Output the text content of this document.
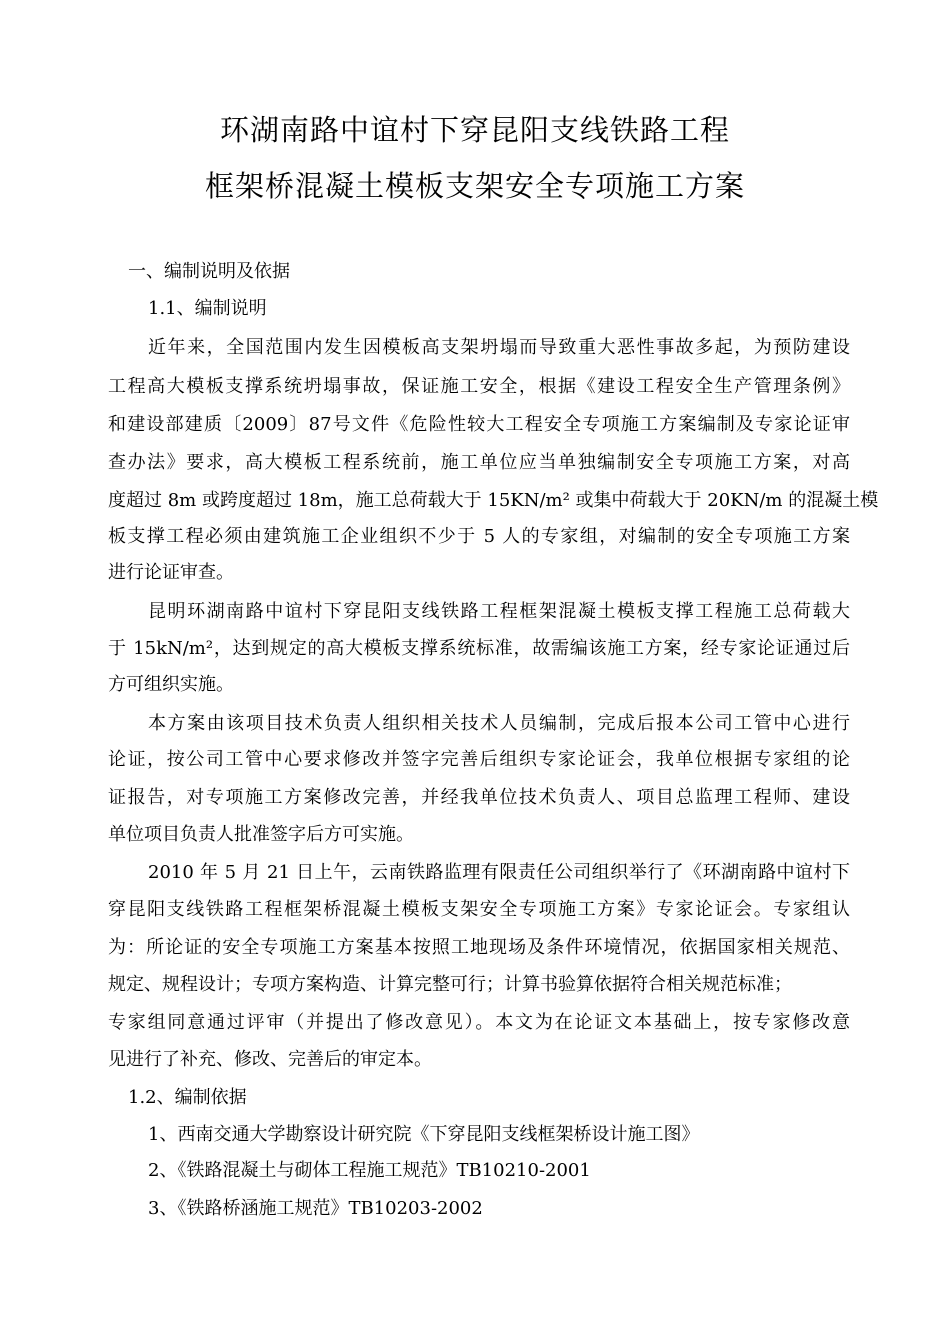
环湖南路中谊村下穿昆阳支线铁路工程
框架桥混凝土模板支架安全专项施工方案
一、编制说明及依据
1.1、编制说明
近年来，全国范围内发生因模板高支架坍塌而导致重大恶性事故多起，为预防建设
工程高大模板支撑系统坍塌事故，保证施工安全，根据《建设工程安全生产管理条例》
和建设部建质〔2009〕87号文件《危险性较大工程安全专项施工方案编制及专家论证审
查办法》要求，高大模板工程系统前，施工单位应当单独编制安全专项施工方案，对高
度超过 8m 或跨度超过 18m，施工总荷载大于 15KN/m² 或集中荷载大于 20KN/m 的混凝土模
板支撑工程必须由建筑施工企业组织不少于 5 人的专家组，对编制的安全专项施工方案
进行论证审查。
昆明环湖南路中谊村下穿昆阳支线铁路工程框架混凝土模板支撑工程施工总荷载大
于 15kN/m²，达到规定的高大模板支撑系统标准，故需编该施工方案，经专家论证通过后
方可组织实施。
本方案由该项目技术负责人组织相关技术人员编制，完成后报本公司工管中心进行
论证，按公司工管中心要求修改并签字完善后组织专家论证会，我单位根据专家组的论
证报告，对专项施工方案修改完善，并经我单位技术负责人、项目总监理工程师、建设
单位项目负责人批准签字后方可实施。
2010 年 5 月 21 日上午，云南铁路监理有限责任公司组织举行了《环湖南路中谊村下
穿昆阳支线铁路工程框架桥混凝土模板支架安全专项施工方案》专家论证会。专家组认
为：所论证的安全专项施工方案基本按照工地现场及条件环境情况，依据国家相关规范、
规定、规程设计；专项方案构造、计算完整可行；计算书验算依据符合相关规范标准；
专家组同意通过评审（并提出了修改意见）。本文为在论证文本基础上，按专家修改意
见进行了补充、修改、完善后的审定本。
1.2、编制依据
1、西南交通大学勘察设计研究院《下穿昆阳支线框架桥设计施工图》
2、《铁路混凝土与砌体工程施工规范》TB10210-2001
3、《铁路桥涵施工规范》TB10203-2002
